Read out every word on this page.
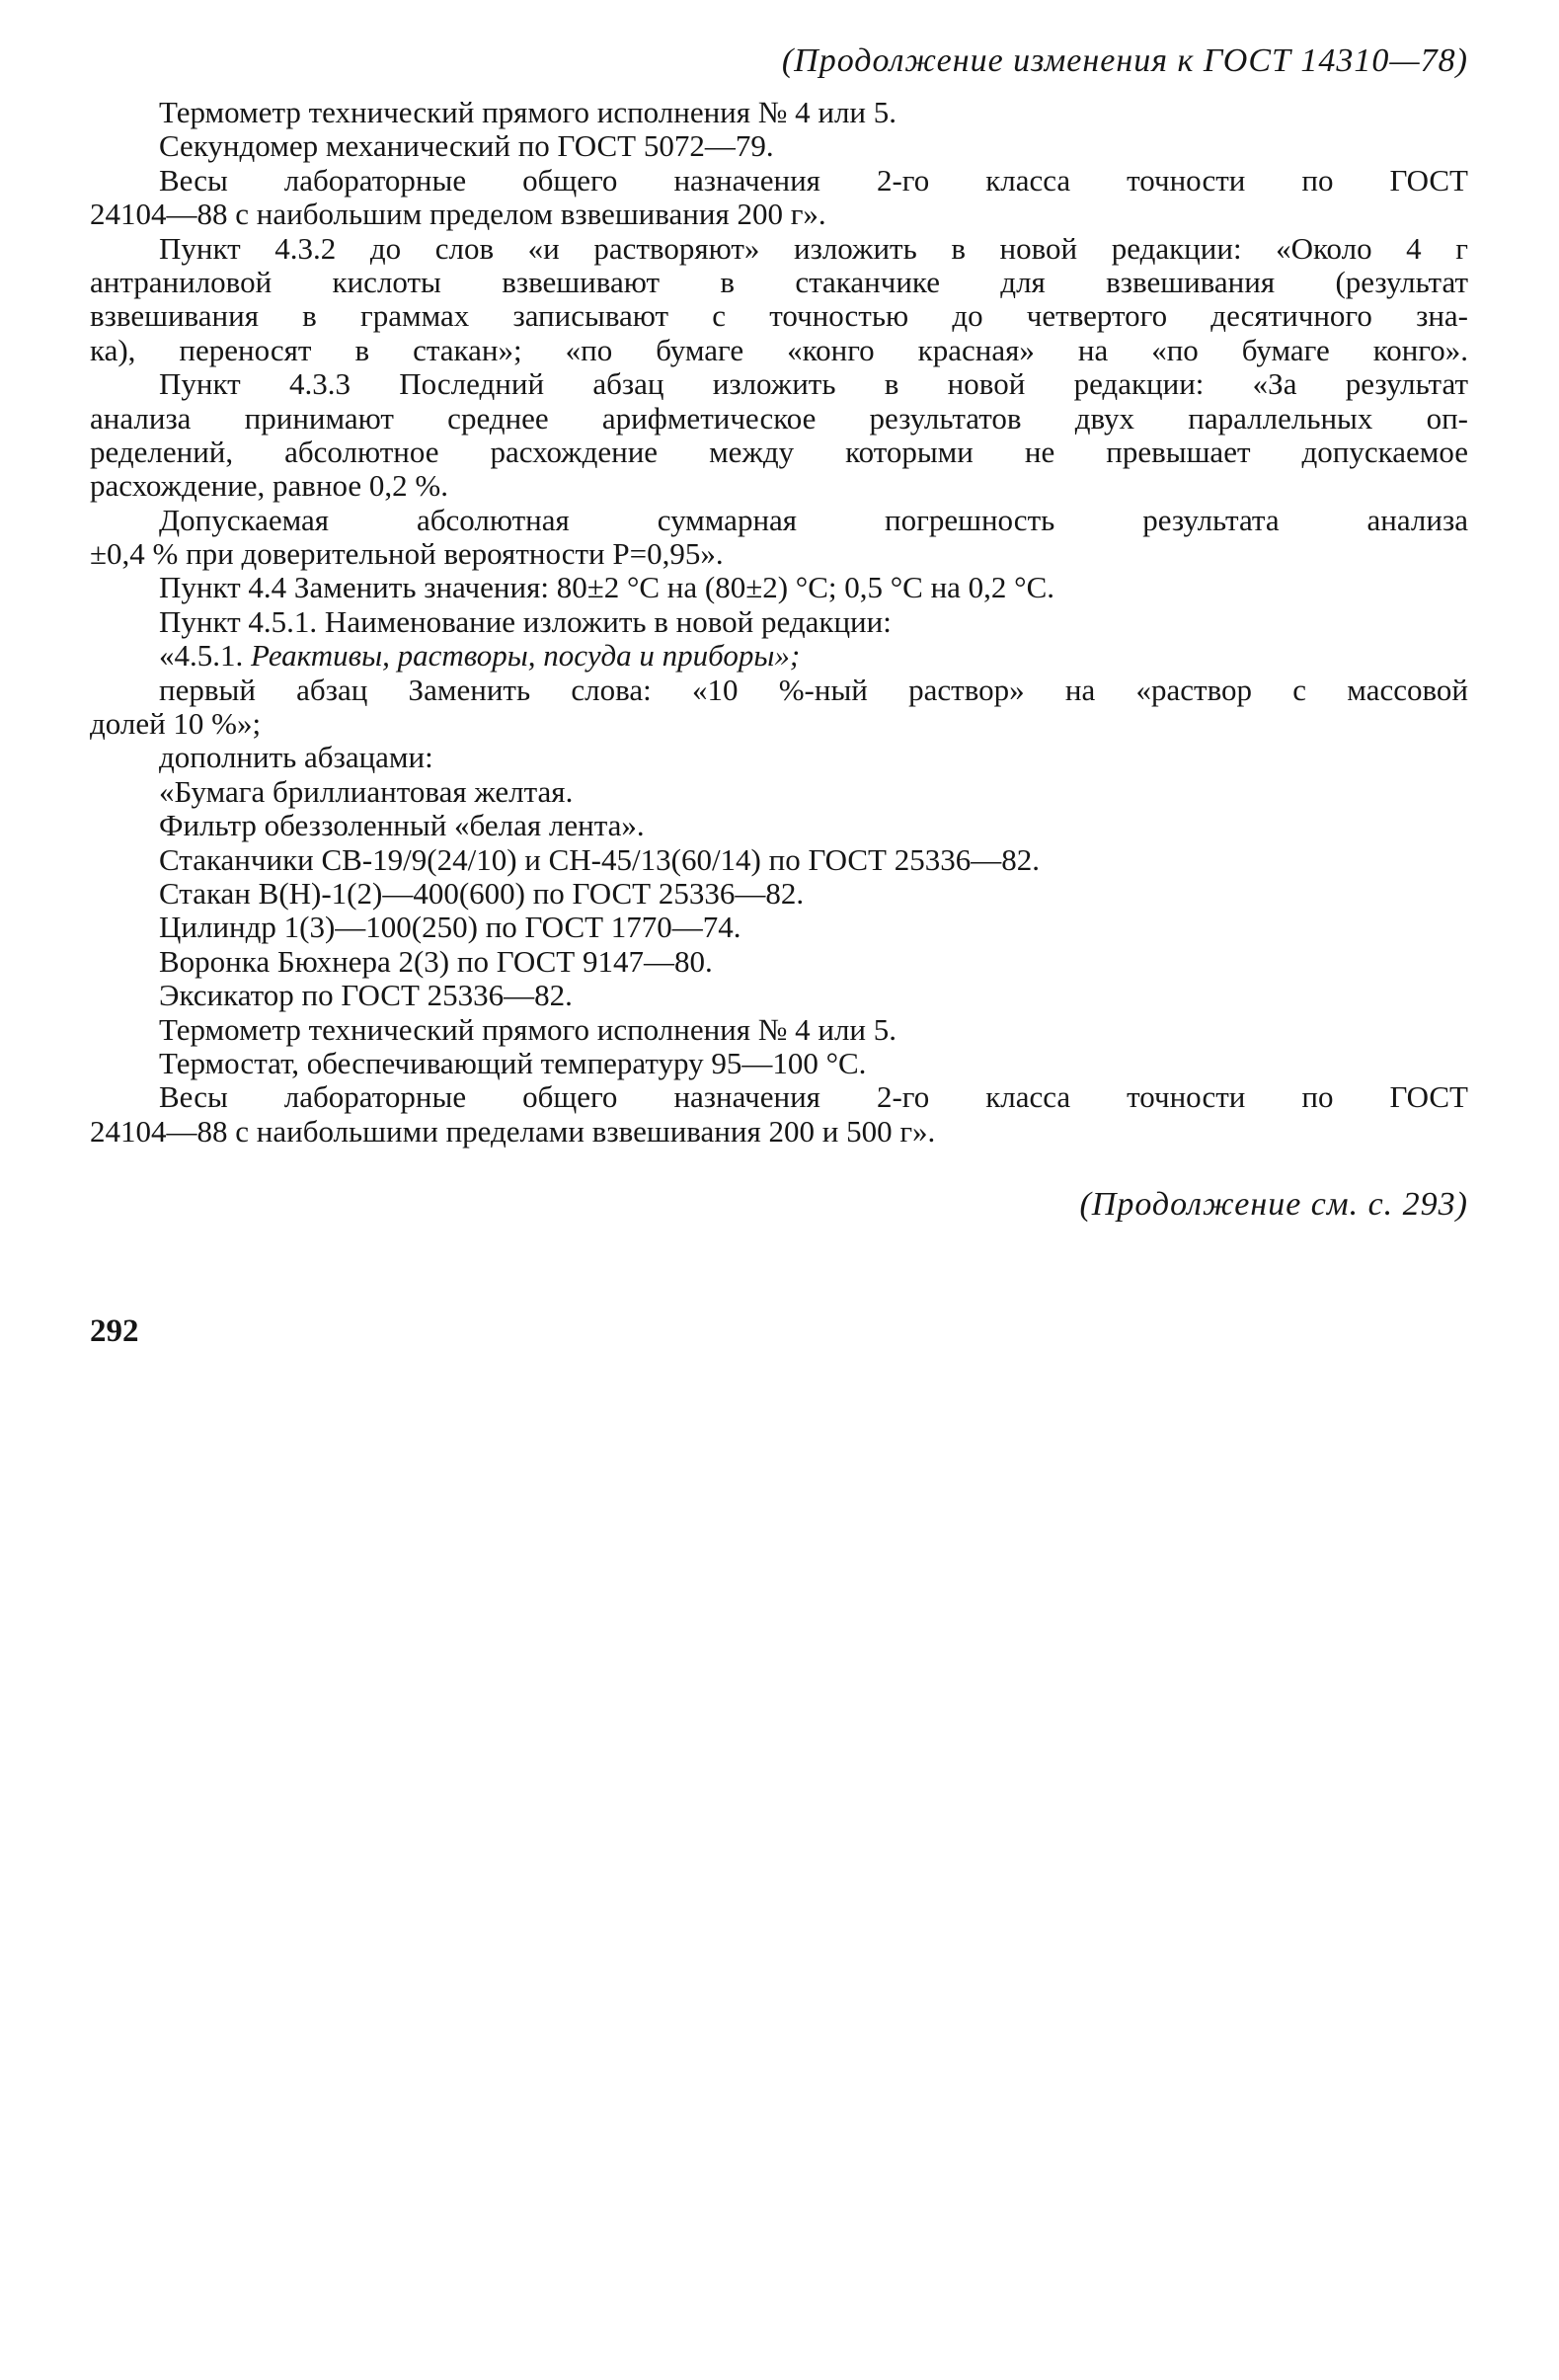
(Продолжение изменения к ГОСТ 14310—78)
Термометр технический прямого исполнения № 4 или 5.
Секундомер механический по ГОСТ 5072—79.
Весы лабораторные общего назначения 2-го класса точности по ГОСТ
24104—88 с наибольшим пределом взвешивания 200 г».
Пункт 4.3.2 до слов «и растворяют» изложить в новой редакции: «Около 4 г
антраниловой кислоты взвешивают в стаканчике для взвешивания (результат
взвешивания в граммах записывают с точностью до четвертого десятичного зна-
ка), переносят в стакан»; «по бумаге «конго красная» на «по бумаге конго».
Пункт 4.3.3 Последний абзац изложить в новой редакции: «За результат
анализа принимают среднее арифметическое результатов двух параллельных оп-
ределений, абсолютное расхождение между которыми не превышает допускаемое
расхождение, равное 0,2 %.
Допускаемая абсолютная суммарная погрешность результата анализа
±0,4 % при доверительной вероятности Р=0,95».
Пункт 4.4 Заменить значения: 80±2 °С на (80±2) °С; 0,5 °С на 0,2 °С.
Пункт 4.5.1. Наименование изложить в новой редакции:
«4.5.1. Реактивы, растворы, посуда и приборы»;
первый абзац Заменить слова: «10 %-ный раствор» на «раствор с массовой
долей 10 %»;
дополнить абзацами:
«Бумага бриллиантовая желтая.
Фильтр обеззоленный «белая лента».
Стаканчики СВ-19/9(24/10) и СН-45/13(60/14) по ГОСТ 25336—82.
Стакан В(Н)-1(2)—400(600) по ГОСТ 25336—82.
Цилиндр 1(3)—100(250) по ГОСТ 1770—74.
Воронка Бюхнера 2(3) по ГОСТ 9147—80.
Эксикатор по ГОСТ 25336—82.
Термометр технический прямого исполнения № 4 или 5.
Термостат, обеспечивающий температуру 95—100 °С.
Весы лабораторные общего назначения 2-го класса точности по ГОСТ
24104—88 с наибольшими пределами взвешивания 200 и 500 г».
(Продолжение см. с. 293)
292
